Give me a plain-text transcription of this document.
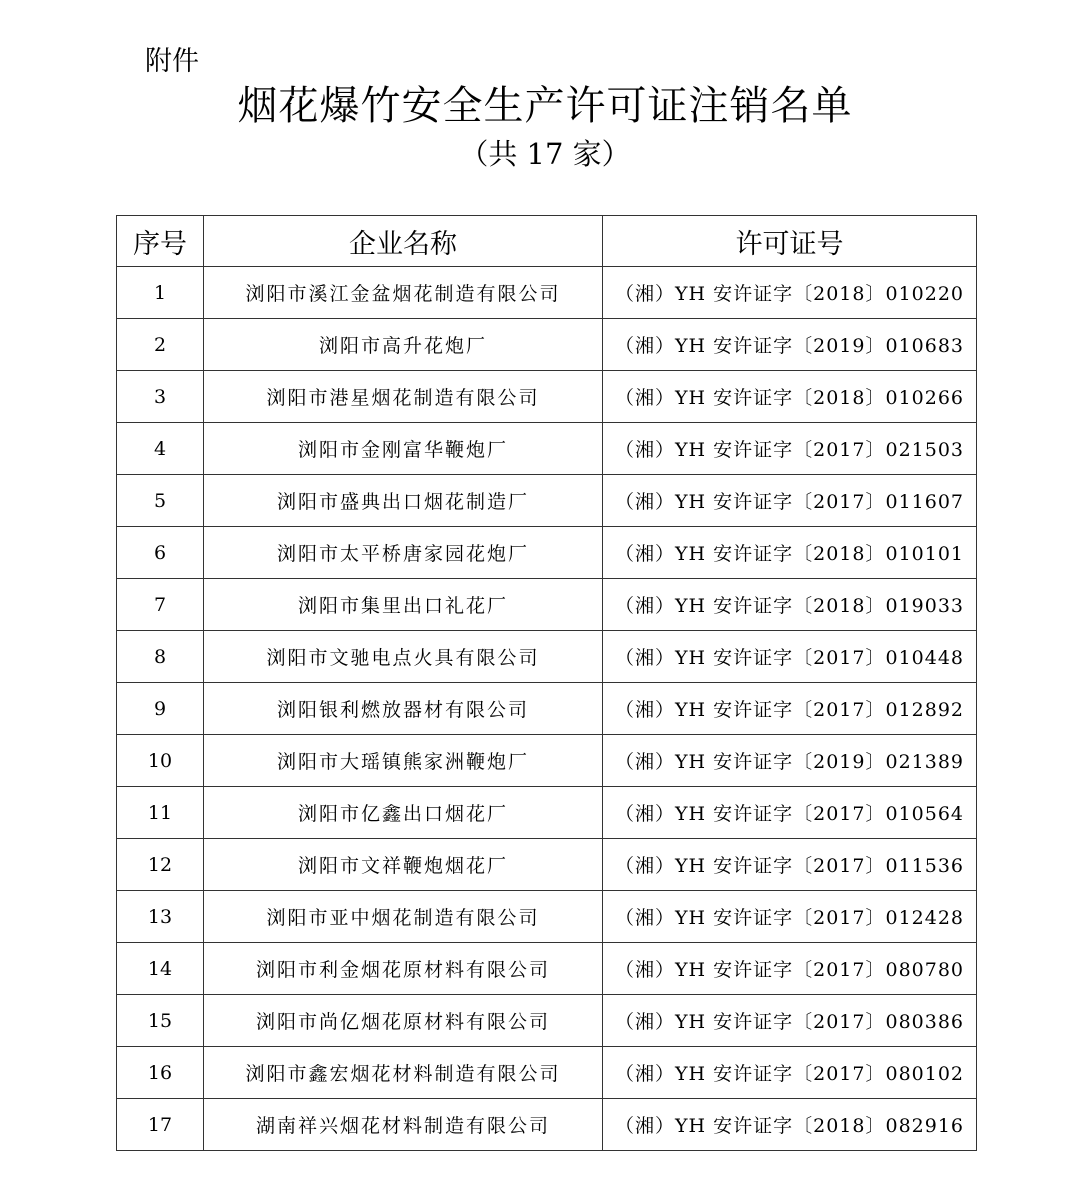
附件
烟花爆竹安全生产许可证注销名单
（共 17 家）
序号	企业名称	许可证号
1	浏阳市溪江金盆烟花制造有限公司	（湘）YH 安许证字〔2018〕010220
2	浏阳市高升花炮厂	（湘）YH 安许证字〔2019〕010683
3	浏阳市港星烟花制造有限公司	（湘）YH 安许证字〔2018〕010266
4	浏阳市金刚富华鞭炮厂	（湘）YH 安许证字〔2017〕021503
5	浏阳市盛典出口烟花制造厂	（湘）YH 安许证字〔2017〕011607
6	浏阳市太平桥唐家园花炮厂	（湘）YH 安许证字〔2018〕010101
7	浏阳市集里出口礼花厂	（湘）YH 安许证字〔2018〕019033
8	浏阳市文驰电点火具有限公司	（湘）YH 安许证字〔2017〕010448
9	浏阳银利燃放器材有限公司	（湘）YH 安许证字〔2017〕012892
10	浏阳市大瑶镇熊家洲鞭炮厂	（湘）YH 安许证字〔2019〕021389
11	浏阳市亿鑫出口烟花厂	（湘）YH 安许证字〔2017〕010564
12	浏阳市文祥鞭炮烟花厂	（湘）YH 安许证字〔2017〕011536
13	浏阳市亚中烟花制造有限公司	（湘）YH 安许证字〔2017〕012428
14	浏阳市利金烟花原材料有限公司	（湘）YH 安许证字〔2017〕080780
15	浏阳市尚亿烟花原材料有限公司	（湘）YH 安许证字〔2017〕080386
16	浏阳市鑫宏烟花材料制造有限公司	（湘）YH 安许证字〔2017〕080102
17	湖南祥兴烟花材料制造有限公司	（湘）YH 安许证字〔2018〕082916
